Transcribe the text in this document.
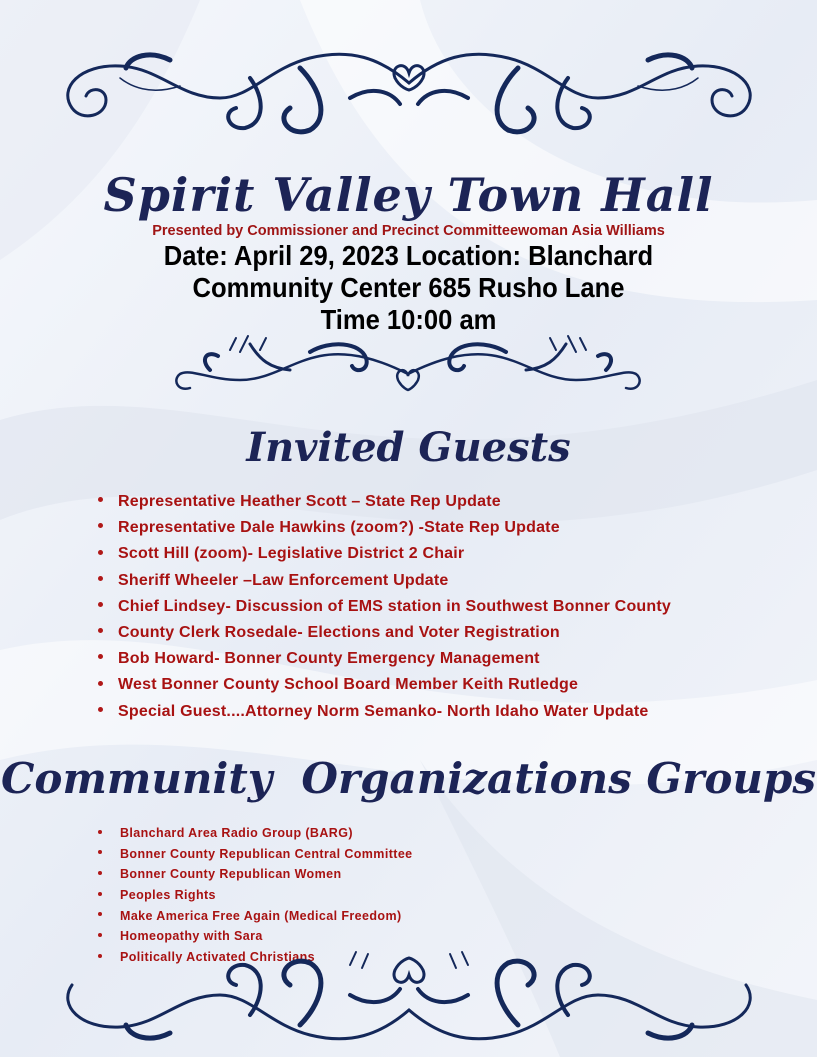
Spirit Valley Town Hall
Presented by Commissioner and Precinct Committeewoman Asia Williams
Date: April 29, 2023 Location: Blanchard
Community Center 685 Rusho Lane
Time 10:00 am
Invited Guests
Representative Heather Scott – State Rep Update
Representative Dale Hawkins (zoom?) -State Rep Update
Scott Hill (zoom)- Legislative District 2 Chair
Sheriff Wheeler –Law Enforcement Update
Chief Lindsey- Discussion of EMS station in Southwest Bonner County
County Clerk Rosedale- Elections and Voter Registration
Bob Howard- Bonner County Emergency Management
West Bonner County School Board Member Keith Rutledge
Special Guest....Attorney Norm Semanko- North Idaho Water Update
Community  Organizations Groups
Blanchard Area Radio Group (BARG)
Bonner County Republican Central Committee
Bonner County Republican Women
Peoples Rights
Make America Free Again (Medical Freedom)
Homeopathy with Sara
Politically Activated Christians
